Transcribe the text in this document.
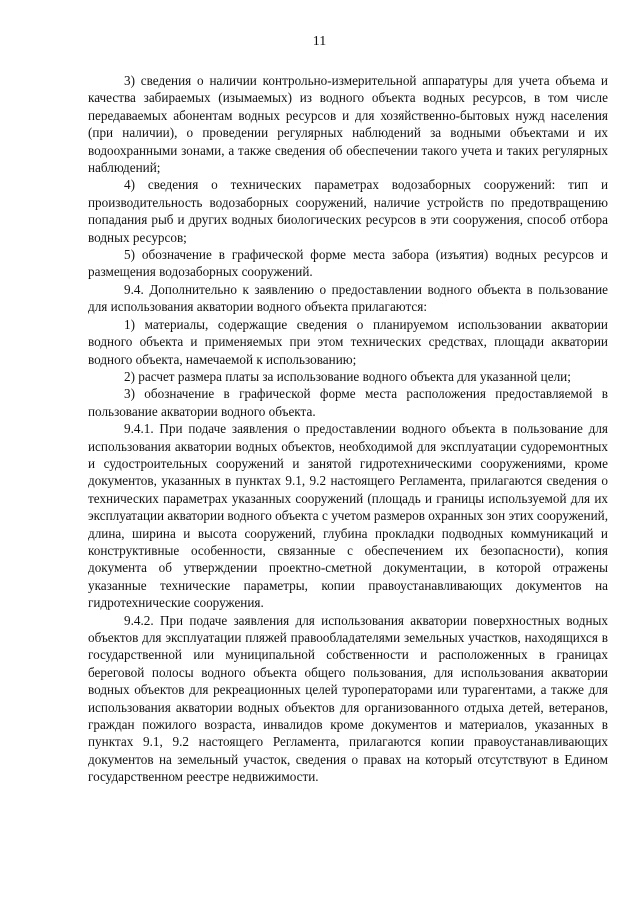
11

3) сведения о наличии контрольно-измерительной аппаратуры для учета объема и качества забираемых (изымаемых) из водного объекта водных ресурсов, в том числе передаваемых абонентам водных ресурсов и для хозяйственно-бытовых нужд населения (при наличии), о проведении регулярных наблюдений за водными объектами и их водоохранными зонами, а также сведения об обеспечении такого учета и таких регулярных наблюдений;

4) сведения о технических параметрах водозаборных сооружений: тип и производительность водозаборных сооружений, наличие устройств по предотвращению попадания рыб и других водных биологических ресурсов в эти сооружения, способ отбора водных ресурсов;

5) обозначение в графической форме места забора (изъятия) водных ресурсов и размещения водозаборных сооружений.

9.4. Дополнительно к заявлению о предоставлении водного объекта в пользование для использования акватории водного объекта прилагаются:

1) материалы, содержащие сведения о планируемом использовании акватории водного объекта и применяемых при этом технических средствах, площади акватории водного объекта, намечаемой к использованию;

2) расчет размера платы за использование водного объекта для указанной цели;

3) обозначение в графической форме места расположения предоставляемой в пользование акватории водного объекта.

9.4.1. При подаче заявления о предоставлении водного объекта в пользование для использования акватории водных объектов, необходимой для эксплуатации судоремонтных и судостроительных сооружений и занятой гидротехническими сооружениями, кроме документов, указанных в пунктах 9.1, 9.2 настоящего Регламента, прилагаются сведения о технических параметрах указанных сооружений (площадь и границы используемой для их эксплуатации акватории водного объекта с учетом размеров охранных зон этих сооружений, длина, ширина и высота сооружений, глубина прокладки подводных коммуникаций и конструктивные особенности, связанные с обеспечением их безопасности), копия документа об утверждении проектно-сметной документации, в которой отражены указанные технические параметры, копии правоустанавливающих документов на гидротехнические сооружения.

9.4.2. При подаче заявления для использования акватории поверхностных водных объектов для эксплуатации пляжей правообладателями земельных участков, находящихся в государственной или муниципальной собственности и расположенных в границах береговой полосы водного объекта общего пользования, для использования акватории водных объектов для рекреационных целей туроператорами или турагентами, а также для использования акватории водных объектов для организованного отдыха детей, ветеранов, граждан пожилого возраста, инвалидов кроме документов и материалов, указанных в пунктах 9.1, 9.2 настоящего Регламента, прилагаются копии правоустанавливающих документов на земельный участок, сведения о правах на который отсутствуют в Едином государственном реестре недвижимости.
